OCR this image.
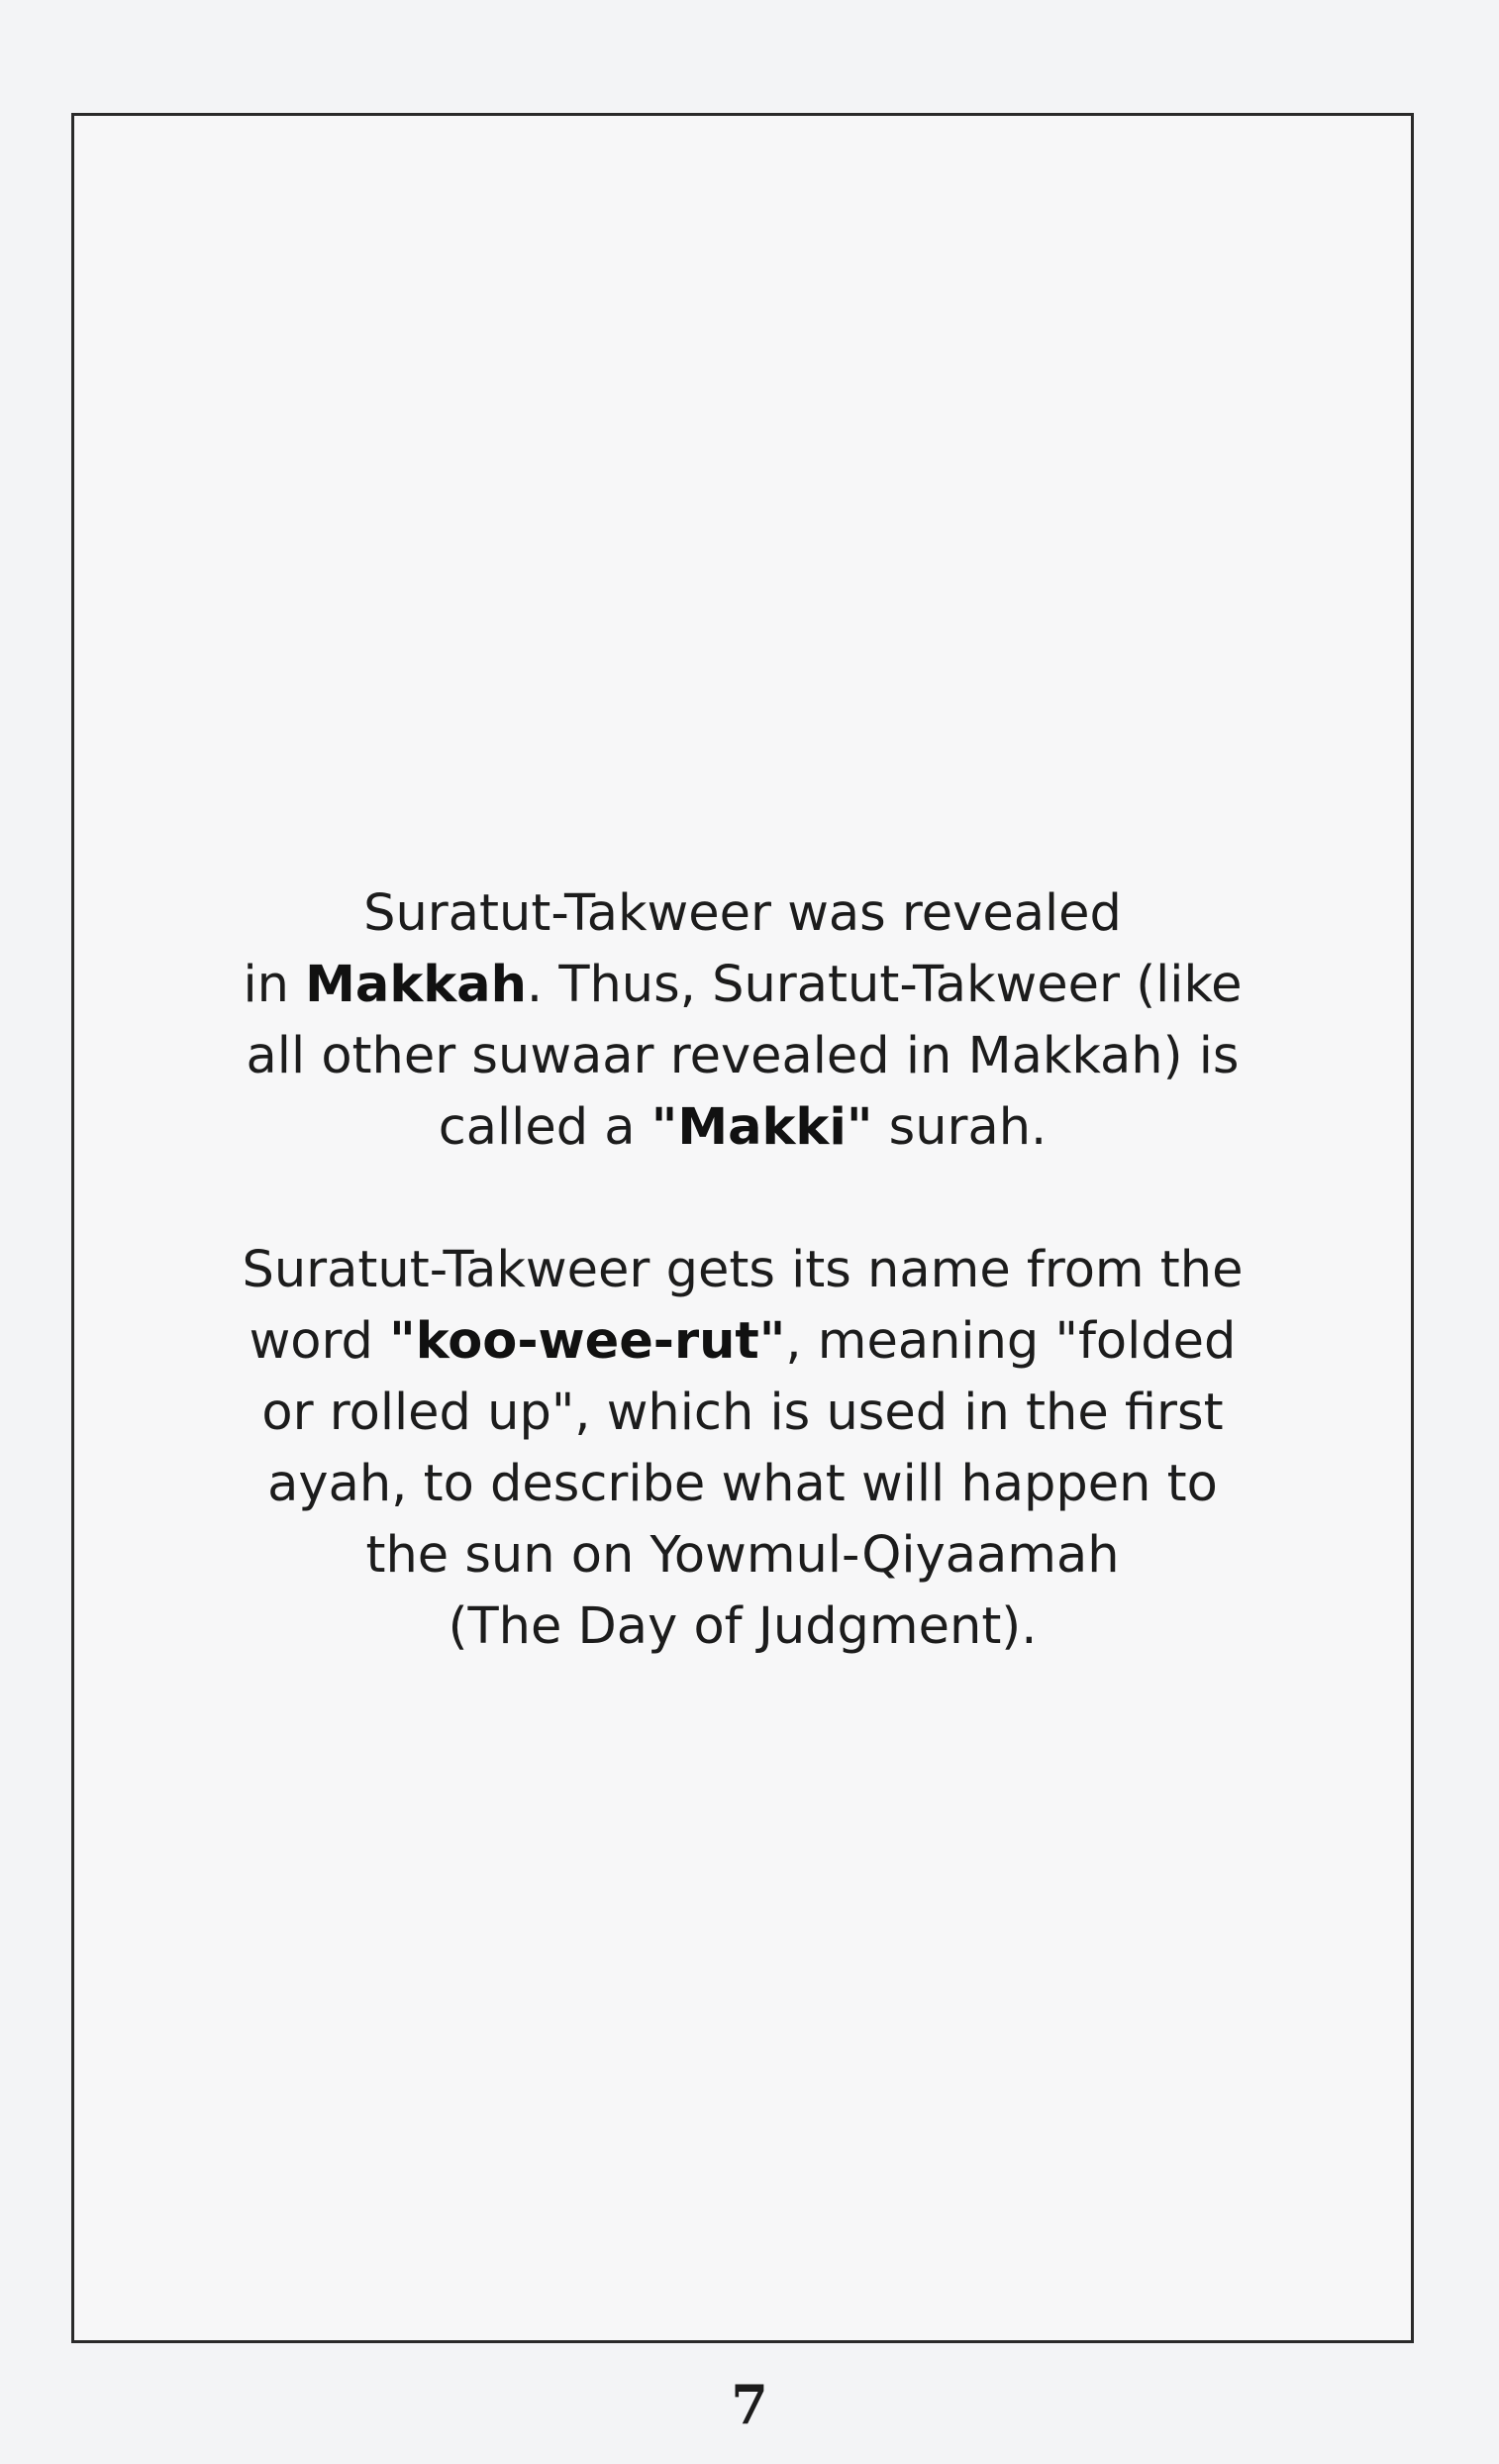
Suratut-Takweer was revealed
in Makkah. Thus, Suratut-Takweer (like
all other suwaar revealed in Makkah) is
called a "Makki" surah.
Suratut-Takweer gets its name from the
word "koo-wee-rut", meaning "folded
or rolled up", which is used in the first
ayah, to describe what will happen to
the sun on Yowmul-Qiyaamah
(The Day of Judgment).
7
